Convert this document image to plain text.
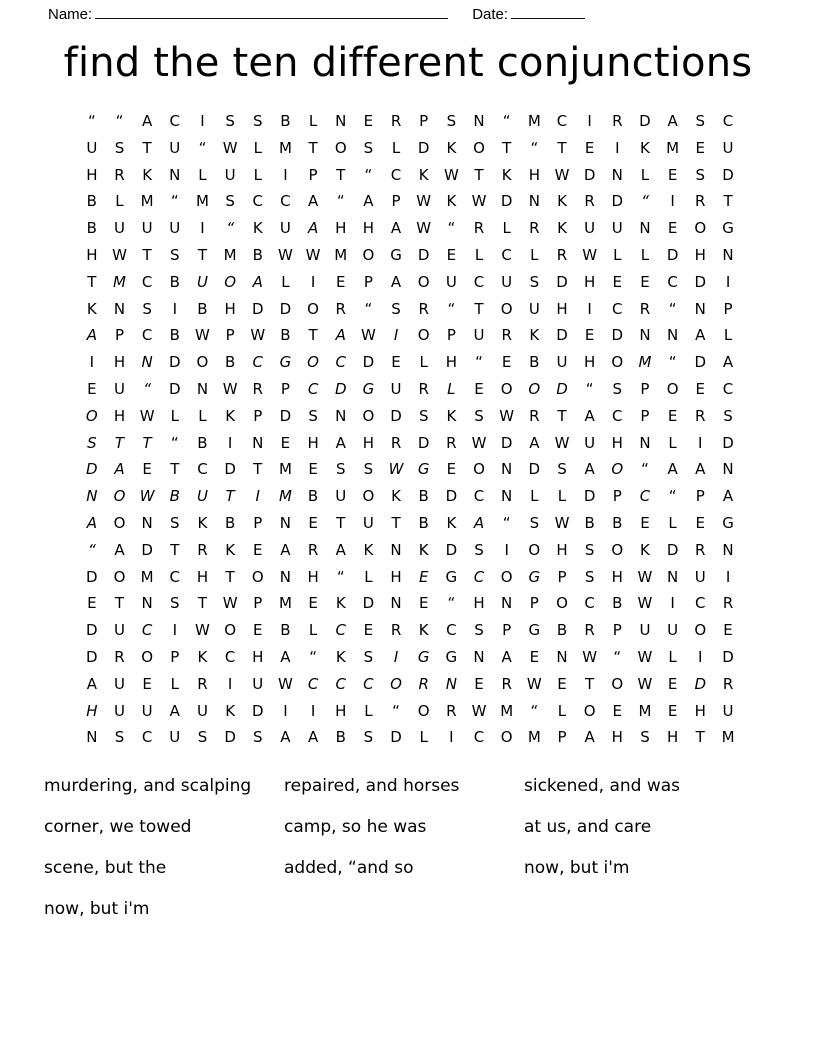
Name:	Date:
find the ten different conjunctions
“	“	A	C	I	S	S	B	L	N	E	R	P	S	N	“	M	C	I	R	D	A	S	C
U	S	T	U	“	W	L	M	T	O	S	L	D	K	O	T	“	T	E	I	K	M	E	U
H	R	K	N	L	U	L	I	P	T	“	C	K	W	T	K	H	W	D	N	L	E	S	D
B	L	M	“	M	S	C	C	A	“	A	P	W	K	W	D	N	K	R	D	“	I	R	T
B	U	U	U	I	“	K	U	A	H	H	A	W	“	R	L	R	K	U	U	N	E	O	G
H	W	T	S	T	M	B	W	W	M	O	G	D	E	L	C	L	R	W	L	L	D	H	N
T	M	C	B	U	O	A	L	I	E	P	A	O	U	C	U	S	D	H	E	E	C	D	I
K	N	S	I	B	H	D	D	O	R	“	S	R	“	T	O	U	H	I	C	R	“	N	P
A	P	C	B	W	P	W	B	T	A	W	I	O	P	U	R	K	D	E	D	N	N	A	L
I	H	N	D	O	B	C	G	O	C	D	E	L	H	“	E	B	U	H	O	M	“	D	A
E	U	“	D	N	W	R	P	C	D	G	U	R	L	E	O	O	D	“	S	P	O	E	C
O	H	W	L	L	K	P	D	S	N	O	D	S	K	S	W	R	T	A	C	P	E	R	S
S	T	T	“	B	I	N	E	H	A	H	R	D	R	W	D	A	W	U	H	N	L	I	D
D	A	E	T	C	D	T	M	E	S	S	W	G	E	O	N	D	S	A	O	“	A	A	N
N	O	W	B	U	T	I	M	B	U	O	K	B	D	C	N	L	L	D	P	C	“	P	A
A	O	N	S	K	B	P	N	E	T	U	T	B	K	A	“	S	W	B	B	E	L	E	G
“	A	D	T	R	K	E	A	R	A	K	N	K	D	S	I	O	H	S	O	K	D	R	N
D	O	M	C	H	T	O	N	H	“	L	H	E	G	C	O	G	P	S	H	W	N	U	I
E	T	N	S	T	W	P	M	E	K	D	N	E	“	H	N	P	O	C	B	W	I	C	R
D	U	C	I	W	O	E	B	L	C	E	R	K	C	S	P	G	B	R	P	U	U	O	E
D	R	O	P	K	C	H	A	“	K	S	I	G	G	N	A	E	N	W	“	W	L	I	D
A	U	E	L	R	I	U	W	C	C	C	O	R	N	E	R	W	E	T	O	W	E	D	R
H	U	U	A	U	K	D	I	I	H	L	“	O	R	W	M	“	L	O	E	M	E	H	U
N	S	C	U	S	D	S	A	A	B	S	D	L	I	C	O	M	P	A	H	S	H	T	M
murdering, and scalping	repaired, and horses	sickened, and was
corner, we towed	camp, so he was	at us, and care
scene, but the	added, “and so	now, but i'm
now, but i'm
